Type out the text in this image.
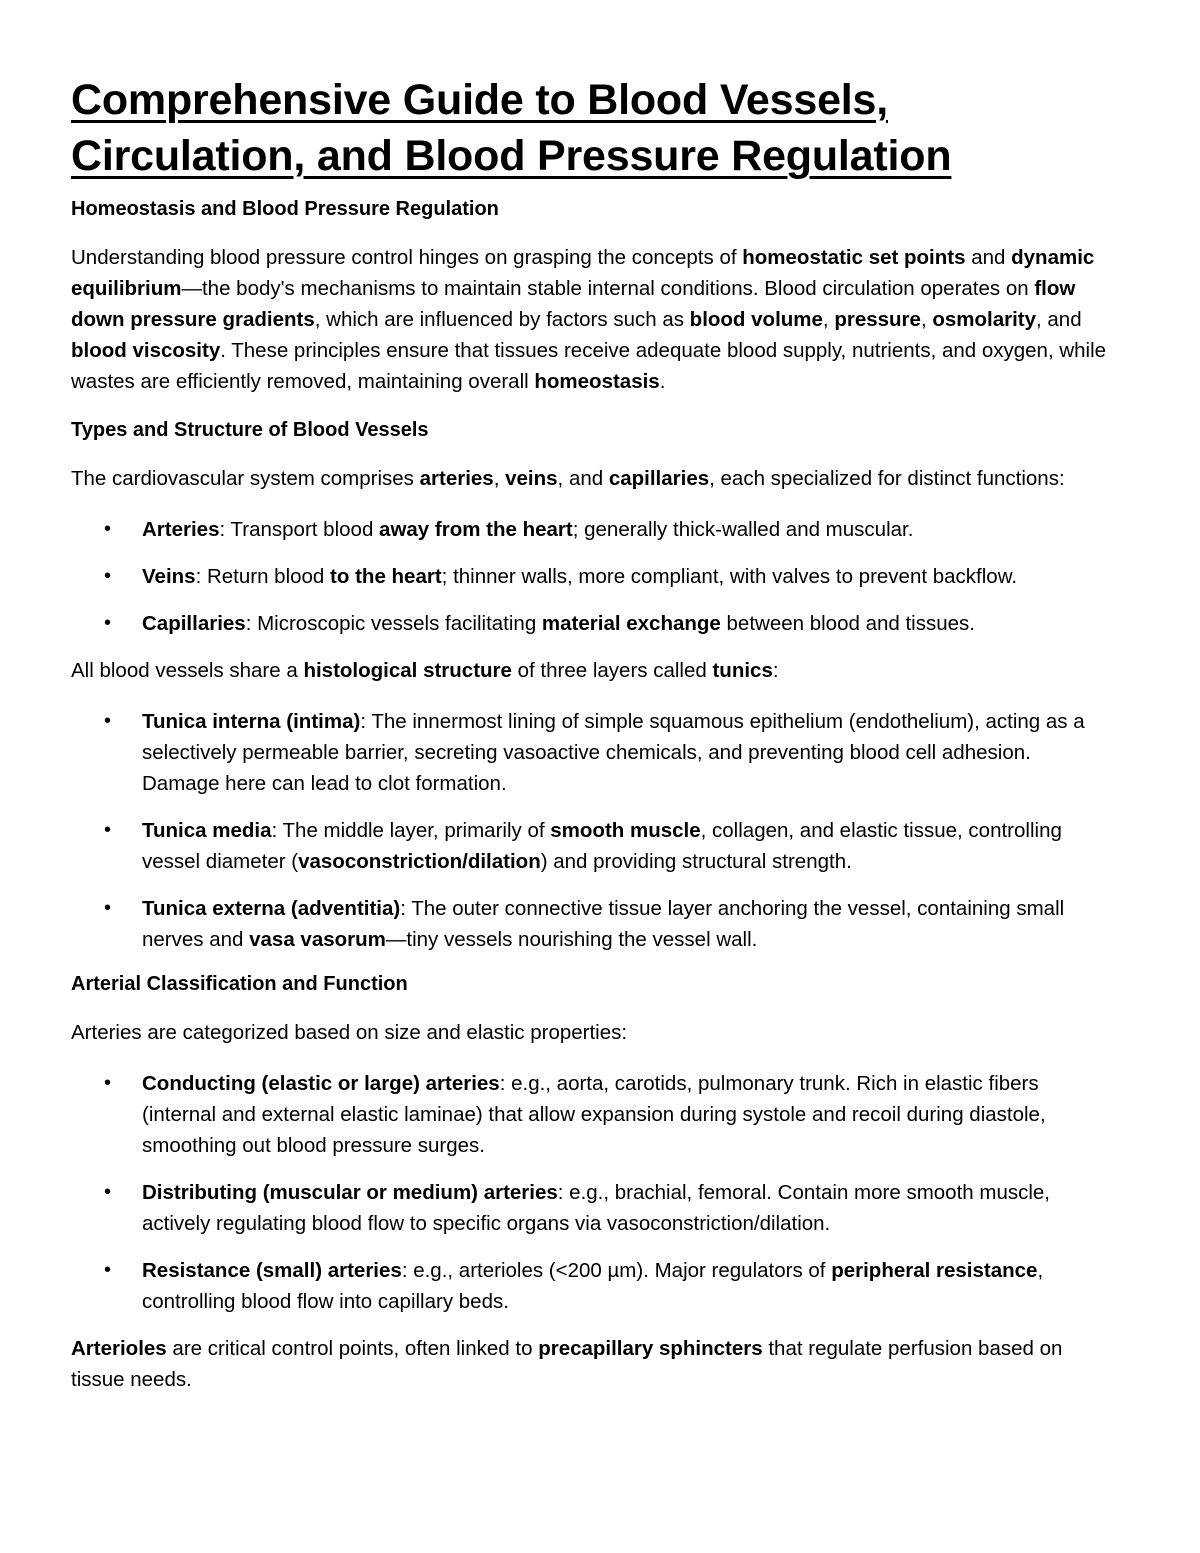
Comprehensive Guide to Blood Vessels,
Circulation, and Blood Pressure Regulation
Homeostasis and Blood Pressure Regulation

Understanding blood pressure control hinges on grasping the concepts of homeostatic set points and dynamic equilibrium—the body's mechanisms to maintain stable internal conditions. Blood circulation operates on flow down pressure gradients, which are influenced by factors such as blood volume, pressure, osmolarity, and blood viscosity. These principles ensure that tissues receive adequate blood supply, nutrients, and oxygen, while wastes are efficiently removed, maintaining overall homeostasis.

Types and Structure of Blood Vessels

The cardiovascular system comprises arteries, veins, and capillaries, each specialized for distinct functions:

• Arteries: Transport blood away from the heart; generally thick-walled and muscular.
• Veins: Return blood to the heart; thinner walls, more compliant, with valves to prevent backflow.
• Capillaries: Microscopic vessels facilitating material exchange between blood and tissues.

All blood vessels share a histological structure of three layers called tunics:

• Tunica interna (intima): The innermost lining of simple squamous epithelium (endothelium), acting as a selectively permeable barrier, secreting vasoactive chemicals, and preventing blood cell adhesion. Damage here can lead to clot formation.
• Tunica media: The middle layer, primarily of smooth muscle, collagen, and elastic tissue, controlling vessel diameter (vasoconstriction/dilation) and providing structural strength.
• Tunica externa (adventitia): The outer connective tissue layer anchoring the vessel, containing small nerves and vasa vasorum—tiny vessels nourishing the vessel wall.
Arterial Classification and Function

Arteries are categorized based on size and elastic properties:

• Conducting (elastic or large) arteries: e.g., aorta, carotids, pulmonary trunk. Rich in elastic fibers (internal and external elastic laminae) that allow expansion during systole and recoil during diastole, smoothing out blood pressure surges.
• Distributing (muscular or medium) arteries: e.g., brachial, femoral. Contain more smooth muscle, actively regulating blood flow to specific organs via vasoconstriction/dilation.
• Resistance (small) arteries: e.g., arterioles (<200 µm). Major regulators of peripheral resistance, controlling blood flow into capillary beds.

Arterioles are critical control points, often linked to precapillary sphincters that regulate perfusion based on tissue needs.
